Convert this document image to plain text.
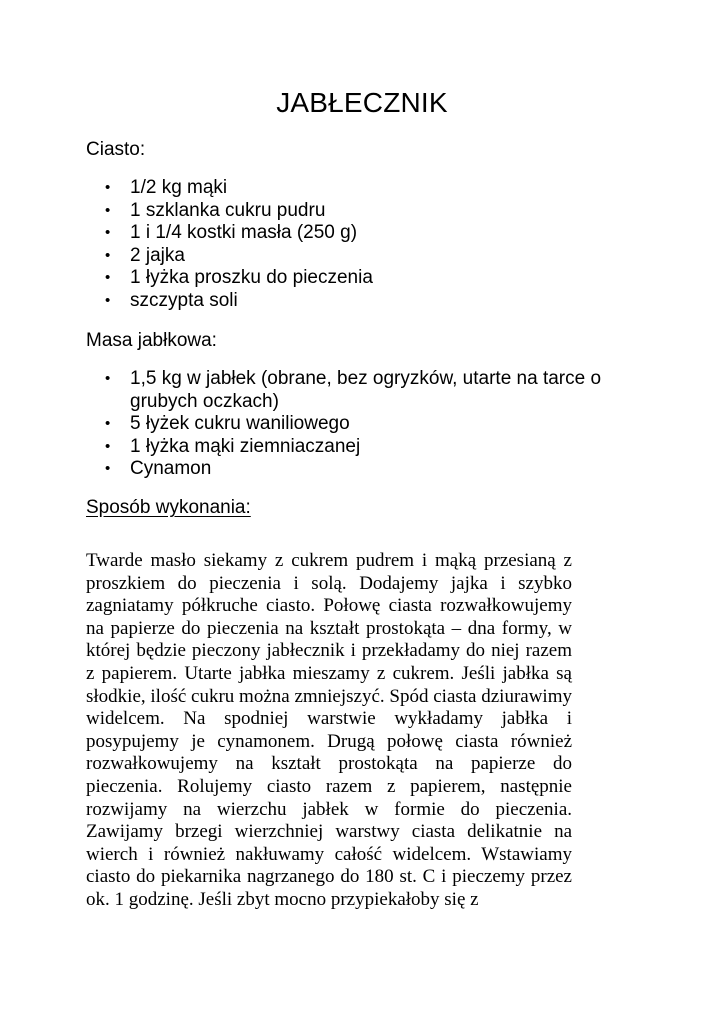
JABŁECZNIK

Ciasto:

• 1/2 kg mąki
• 1 szklanka cukru pudru
• 1 i 1/4 kostki masła (250 g)
• 2 jajka
• 1 łyżka proszku do pieczenia
• szczypta soli

Masa jabłkowa:

• 1,5 kg w jabłek (obrane, bez ogryzków, utarte na tarce o grubych oczkach)
• 5 łyżek cukru waniliowego
• 1 łyżka mąki ziemniaczanej
• Cynamon

Sposób wykonania:

Twarde masło siekamy z cukrem pudrem i mąką przesianą z proszkiem do pieczenia i solą. Dodajemy jajka i szybko zagniatamy półkruche ciasto. Połowę ciasta rozwałkowujemy na papierze do pieczenia na kształt prostokąta – dna formy, w której będzie pieczony jabłecznik i przekładamy do niej razem z papierem. Utarte jabłka mieszamy z cukrem. Jeśli jabłka są słodkie, ilość cukru można zmniejszyć. Spód ciasta dziurawimy widelcem. Na spodniej warstwie wykładamy jabłka i posypujemy je cynamonem. Drugą połowę ciasta również rozwałkowujemy na kształt prostokąta na papierze do pieczenia. Rolujemy ciasto razem z papierem, następnie rozwijamy na wierzchu jabłek w formie do pieczenia. Zawijamy brzegi wierzchniej warstwy ciasta delikatnie na wierch i również nakłuwamy całość widelcem. Wstawiamy ciasto do piekarnika nagrzanego do 180 st. C i pieczemy przez ok. 1 godzinę. Jeśli zbyt mocno przypiekałoby się z
